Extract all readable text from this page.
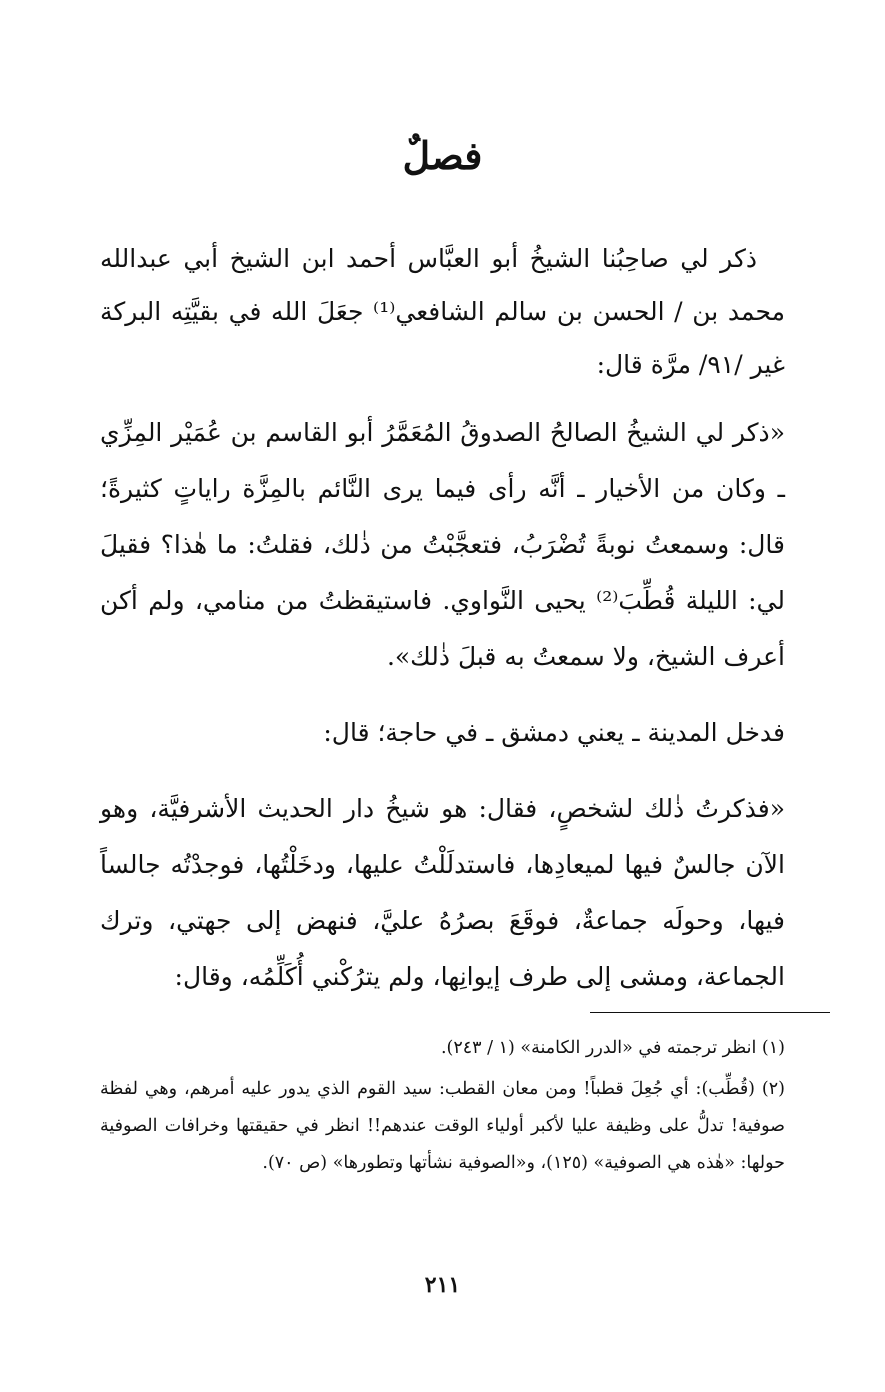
فصلٌ

ذكر لي صاحِبُنا الشيخُ أبو العبَّاس أحمد ابن الشيخ أبي عبدالله محمد بن / الحسن بن سالم الشافعي⁽¹⁾ جعَلَ الله في بقيَّتِه البركة غير /٩١/ مرَّة قال:

«ذكر لي الشيخُ الصالحُ الصدوقُ المُعَمَّرُ أبو القاسم بن عُمَيْر المِزِّي ـ وكان من الأخيار ـ أنَّه رأى فيما يرى النَّائم بالمِزَّة راياتٍ كثيرةً؛ قال: وسمعتُ نوبةً تُضْرَبُ، فتعجَّبْتُ من ذٰلك، فقلتُ: ما هٰذا؟ فقيلَ لي: الليلة قُطِّبَ⁽²⁾ يحيى النَّواوي. فاستيقظتُ من منامي، ولم أكن أعرف الشيخ، ولا سمعتُ به قبلَ ذٰلك».

فدخل المدينة ـ يعني دمشق ـ في حاجة؛ قال:

«فذكرتُ ذٰلك لشخصٍ، فقال: هو شيخُ دار الحديث الأشرفيَّة، وهو الآن جالسٌ فيها لميعادِها، فاستدلَلْتُ عليها، ودخَلْتُها، فوجدْتُه جالساً فيها، وحولَه جماعةٌ، فوقَعَ بصرُهُ عليَّ، فنهض إلى جهتي، وترك الجماعة، ومشى إلى طرف إيوانِها، ولم يترُكْني أُكَلِّمُه، وقال:

(١) انظر ترجمته في «الدرر الكامنة» (١ / ٢٤٣).

(٢) (قُطِّب): أي جُعِلَ قطباً! ومن معان القطب: سيد القوم الذي يدور عليه أمرهم، وهي لفظة صوفية! تدلُّ على وظيفة عليا لأكبر أولياء الوقت عندهم!! انظر في حقيقتها وخرافات الصوفية حولها: «هٰذه هي الصوفية» (١٢٥)، و«الصوفية نشأتها وتطورها» (ص ٧٠).

٢١١
